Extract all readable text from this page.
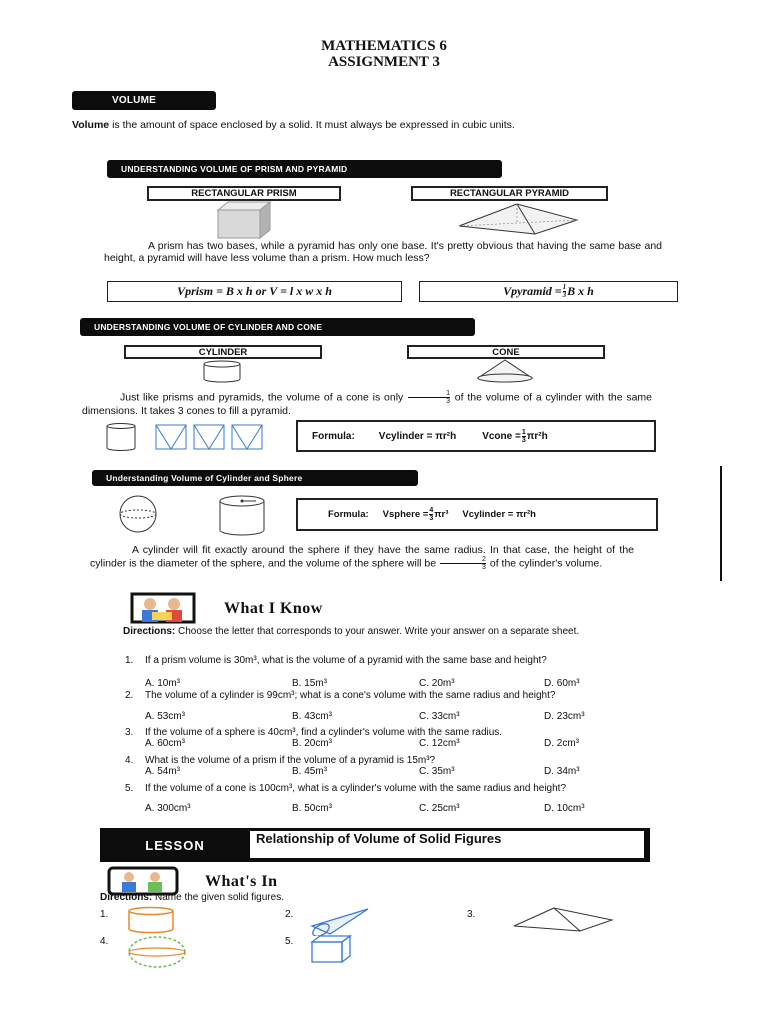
MATHEMATICS 6
ASSIGNMENT 3
VOLUME
Volume is the amount of space enclosed by a solid. It must always be expressed in cubic units.
UNDERSTANDING VOLUME OF PRISM AND PYRAMID
RECTANGULAR PRISM	RECTANGULAR PYRAMID
A prism has two bases, while a pyramid has only one base. It's pretty obvious that having the same base and height, a pyramid will have less volume than a prism. How much less?
Vprism = B x h or V = l x w x h	Vpyramid = $\frac{1}{3}$ B x h
UNDERSTANDING VOLUME OF CYLINDER AND CONE
CYLINDER	CONE
Just like prisms and pyramids, the volume of a cone is only $\frac{1}{3}$ of the volume of a cylinder with the same dimensions. It takes 3 cones to fill a pyramid.
Formula: Vcylinder = πr²h	Vcone = $\frac{1}{3} \pi r^2h$
Understanding Volume of Cylinder and Sphere
Formula: Vsphere = $\frac{4}{3} \pi r^3$ Vcylinder = πr²h
A cylinder will fit exactly around the sphere if they have the same radius. In that case, the height of the cylinder is the diameter of the sphere, and the volume of the sphere will be $\frac{2}{3}$ of the cylinder's volume.
What I Know
Directions: Choose the letter that corresponds to your answer. Write your answer on a separate sheet.
1. If a prism volume is 30m³, what is the volume of a pyramid with the same base and height?
A. 10m³	B. 15m³	C. 20m³	D. 60m³
2. The volume of a cylinder is 99cm³; what is a cone's volume with the same radius and height?
A. 53cm³	B. 43cm³	C. 33cm³	D. 23cm³
3. If the volume of a sphere is 40cm³, find a cylinder's volume with the same radius.
A. 60cm³	B. 20cm³	C. 12cm³	D. 2cm³
4. What is the volume of a prism if the volume of a pyramid is 15m³?
A. 54m³	B. 45m³	C. 35m³	D. 34m³
5. If the volume of a cone is 100cm³, what is a cylinder's volume with the same radius and height?
A. 300cm³	B. 50cm³	C. 25cm³	D. 10cm³
LESSON	Relationship of Volume of Solid Figures
What's In
Directions: Name the given solid figures.
1.	2.	3.
4.	5.
